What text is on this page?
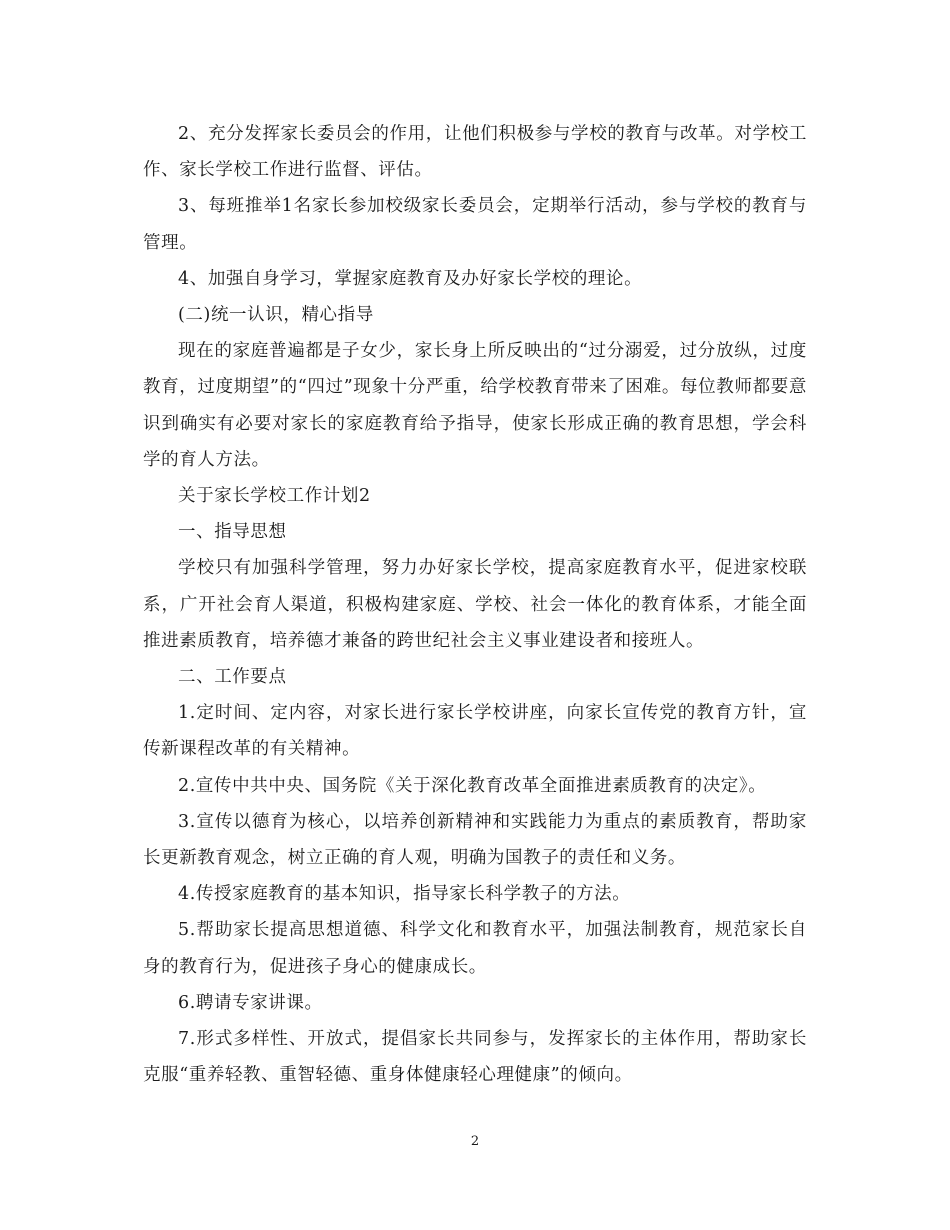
2、充分发挥家长委员会的作用，让他们积极参与学校的教育与改革。对学校工作、家长学校工作进行监督、评估。

3、每班推举1名家长参加校级家长委员会，定期举行活动，参与学校的教育与管理。

4、加强自身学习，掌握家庭教育及办好家长学校的理论。

(二)统一认识，精心指导

现在的家庭普遍都是子女少，家长身上所反映出的“过分溺爱，过分放纵，过度教育，过度期望”的“四过”现象十分严重，给学校教育带来了困难。每位教师都要意识到确实有必要对家长的家庭教育给予指导，使家长形成正确的教育思想，学会科学的育人方法。

关于家长学校工作计划2

一、指导思想

学校只有加强科学管理，努力办好家长学校，提高家庭教育水平，促进家校联系，广开社会育人渠道，积极构建家庭、学校、社会一体化的教育体系，才能全面推进素质教育，培养德才兼备的跨世纪社会主义事业建设者和接班人。

二、工作要点

1.定时间、定内容，对家长进行家长学校讲座，向家长宣传党的教育方针，宣传新课程改革的有关精神。

2.宣传中共中央、国务院《关于深化教育改革全面推进素质教育的决定》。

3.宣传以德育为核心，以培养创新精神和实践能力为重点的素质教育，帮助家长更新教育观念，树立正确的育人观，明确为国教子的责任和义务。

4.传授家庭教育的基本知识，指导家长科学教子的方法。

5.帮助家长提高思想道德、科学文化和教育水平，加强法制教育，规范家长自身的教育行为，促进孩子身心的健康成长。

6.聘请专家讲课。

7.形式多样性、开放式，提倡家长共同参与，发挥家长的主体作用，帮助家长克服“重养轻教、重智轻德、重身体健康轻心理健康”的倾向。

2
